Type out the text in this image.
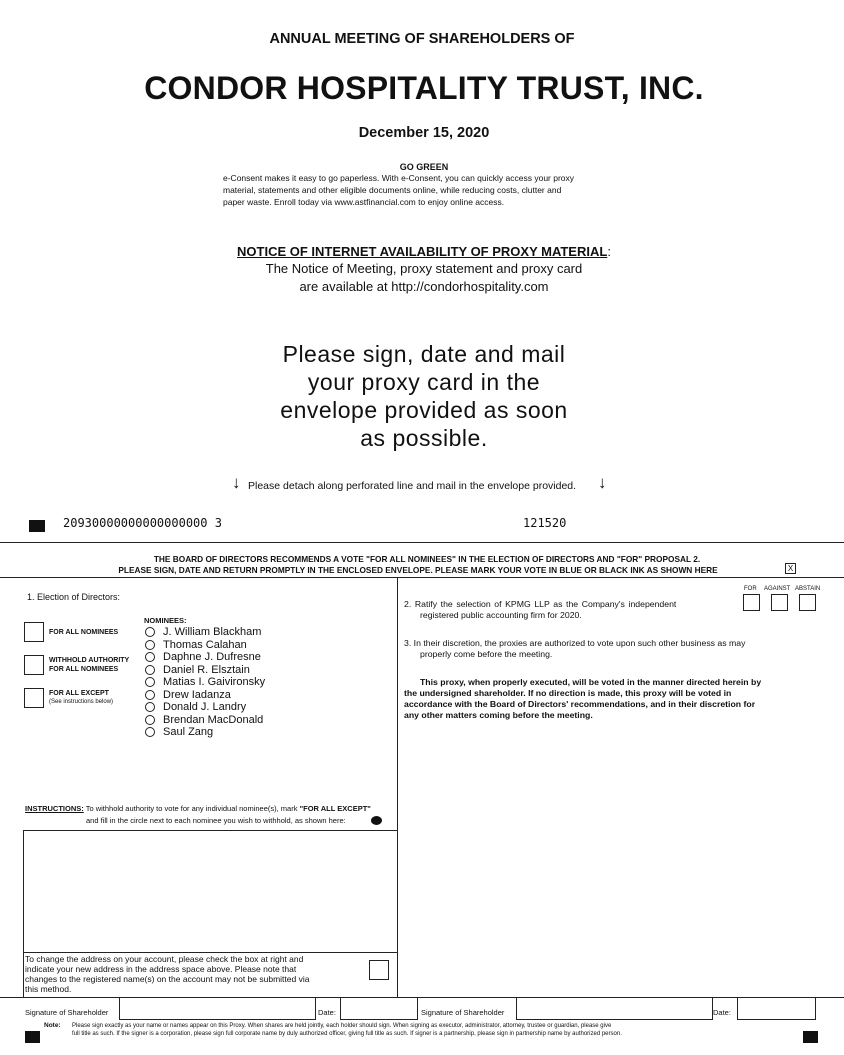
ANNUAL MEETING OF SHAREHOLDERS OF
CONDOR HOSPITALITY TRUST, INC.
December 15, 2020
GO GREEN
e-Consent makes it easy to go paperless. With e-Consent, you can quickly access your proxy
material, statements and other eligible documents online, while reducing costs, clutter and
paper waste. Enroll today via www.astfinancial.com to enjoy online access.
NOTICE OF INTERNET AVAILABILITY OF PROXY MATERIAL:
The Notice of Meeting, proxy statement and proxy card
are available at http://condorhospitality.com
Please sign, date and mail
your proxy card in the
envelope provided as soon
as possible.
↓ Please detach along perforated line and mail in the envelope provided. ↓
20930000000000000000 3	121520
THE BOARD OF DIRECTORS RECOMMENDS A VOTE "FOR ALL NOMINEES" IN THE ELECTION OF DIRECTORS AND "FOR" PROPOSAL 2.
PLEASE SIGN, DATE AND RETURN PROMPTLY IN THE ENCLOSED ENVELOPE. PLEASE MARK YOUR VOTE IN BLUE OR BLACK INK AS SHOWN HERE	X
1. Election of Directors:
NOMINEES:
FOR ALL NOMINEES
WITHHOLD AUTHORITY
FOR ALL NOMINEES
FOR ALL EXCEPT
(See instructions below)
J. William Blackham
Thomas Calahan
Daphne J. Dufresne
Daniel R. Elsztain
Matias I. Gaivironsky
Drew Iadanza
Donald J. Landry
Brendan MacDonald
Saul Zang
INSTRUCTIONS: To withhold authority to vote for any individual nominee(s), mark "FOR ALL EXCEPT"
and fill in the circle next to each nominee you wish to withhold, as shown here:
To change the address on your account, please check the box at right and
indicate your new address in the address space above. Please note that
changes to the registered name(s) on the account may not be submitted via
this method.
FOR AGAINST ABSTAIN
2. Ratify the selection of KPMG LLP as the Company's independent
registered public accounting firm for 2020.
3. In their discretion, the proxies are authorized to vote upon such other business as may
properly come before the meeting.
This proxy, when properly executed, will be voted in the manner directed herein by
the undersigned shareholder. If no direction is made, this proxy will be voted in
accordance with the Board of Directors' recommendations, and in their discretion for
any other matters coming before the meeting.
Signature of Shareholder	Date:	Signature of Shareholder	Date:
Note: Please sign exactly as your name or names appear on this Proxy. When shares are held jointly, each holder should sign. When signing as executor, administrator, attorney, trustee or guardian, please give
full title as such. If the signer is a corporation, please sign full corporate name by duly authorized officer, giving full title as such. If signer is a partnership, please sign in partnership name by authorized person.
